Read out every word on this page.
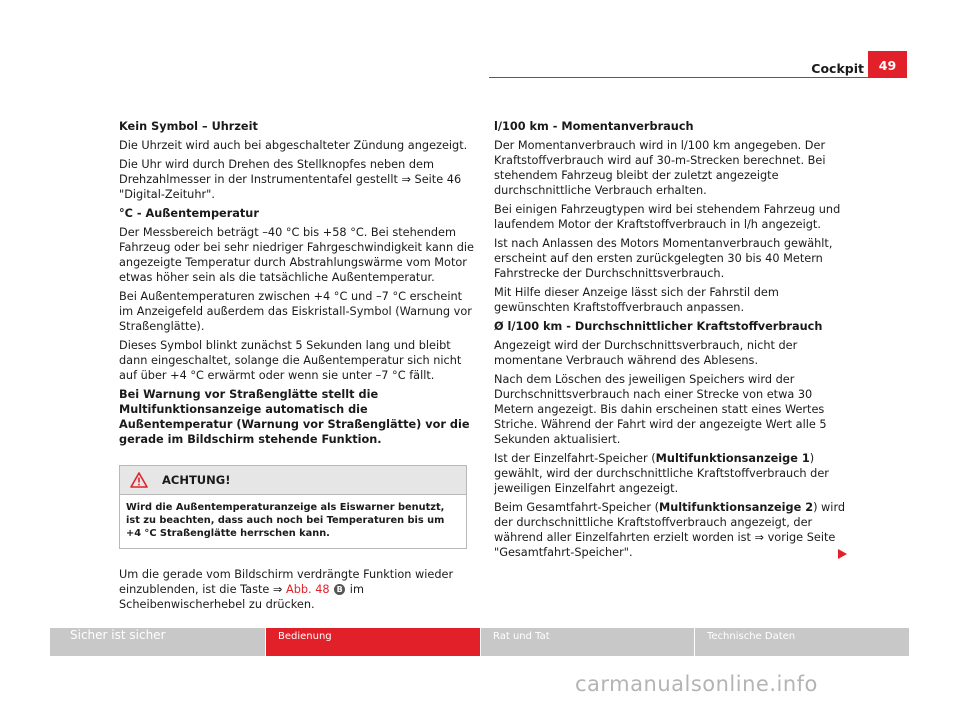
Cockpit	49
Kein Symbol – Uhrzeit

Die Uhrzeit wird auch bei abgeschalteter Zündung angezeigt.

Die Uhr wird durch Drehen des Stellknopfes neben dem Drehzahlmesser in der Instrumententafel gestellt ⇒ Seite 46 "Digital-Zeituhr".

°C - Außentemperatur

Der Messbereich beträgt –40 °C bis +58 °C. Bei stehendem Fahrzeug oder bei sehr niedriger Fahrgeschwindigkeit kann die angezeigte Temperatur durch Abstrahlungswärme vom Motor etwas höher sein als die tatsächliche Außentemperatur.

Bei Außentemperaturen zwischen +4 °C und –7 °C erscheint im Anzeigefeld außerdem das Eiskristall-Symbol (Warnung vor Straßenglätte).

Dieses Symbol blinkt zunächst 5 Sekunden lang und bleibt dann eingeschaltet, solange die Außentemperatur sich nicht auf über +4 °C erwärmt oder wenn sie unter –7 °C fällt.

Bei Warnung vor Straßenglätte stellt die Multifunktionsanzeige automatisch die Außentemperatur (Warnung vor Straßenglätte) vor die gerade im Bildschirm stehende Funktion.

ACHTUNG!
Wird die Außentemperaturanzeige als Eiswarner benutzt, ist zu beachten, dass auch noch bei Temperaturen bis um +4 °C Straßenglätte herrschen kann.

Um die gerade vom Bildschirm verdrängte Funktion wieder einzublenden, ist die Taste ⇒ Abb. 48 B im Scheibenwischerhebel zu drücken.

l/100 km - Momentanverbrauch

Der Momentanverbrauch wird in l/100 km angegeben. Der Kraftstoffverbrauch wird auf 30-m-Strecken berechnet. Bei stehendem Fahrzeug bleibt der zuletzt angezeigte durchschnittliche Verbrauch erhalten.

Bei einigen Fahrzeugtypen wird bei stehendem Fahrzeug und laufendem Motor der Kraftstoffverbrauch in l/h angezeigt.

Ist nach Anlassen des Motors Momentanverbrauch gewählt, erscheint auf den ersten zurückgelegten 30 bis 40 Metern Fahrstrecke der Durchschnittsverbrauch.

Mit Hilfe dieser Anzeige lässt sich der Fahrstil dem gewünschten Kraftstoffverbrauch anpassen.

Ø l/100 km - Durchschnittlicher Kraftstoffverbrauch

Angezeigt wird der Durchschnittsverbrauch, nicht der momentane Verbrauch während des Ablesens.

Nach dem Löschen des jeweiligen Speichers wird der Durchschnittsverbrauch nach einer Strecke von etwa 30 Metern angezeigt. Bis dahin erscheinen statt eines Wertes Striche. Während der Fahrt wird der angezeigte Wert alle 5 Sekunden aktualisiert.

Ist der Einzelfahrt-Speicher (Multifunktionsanzeige 1) gewählt, wird der durchschnittliche Kraftstoffverbrauch der jeweiligen Einzelfahrt angezeigt.

Beim Gesamtfahrt-Speicher (Multifunktionsanzeige 2) wird der durchschnittliche Kraftstoffverbrauch angezeigt, der während aller Einzelfahrten erzielt worden ist ⇒ vorige Seite "Gesamtfahrt-Speicher".

Sicher ist sicher	Bedienung	Rat und Tat	Technische Daten
carmanualsonline.info
